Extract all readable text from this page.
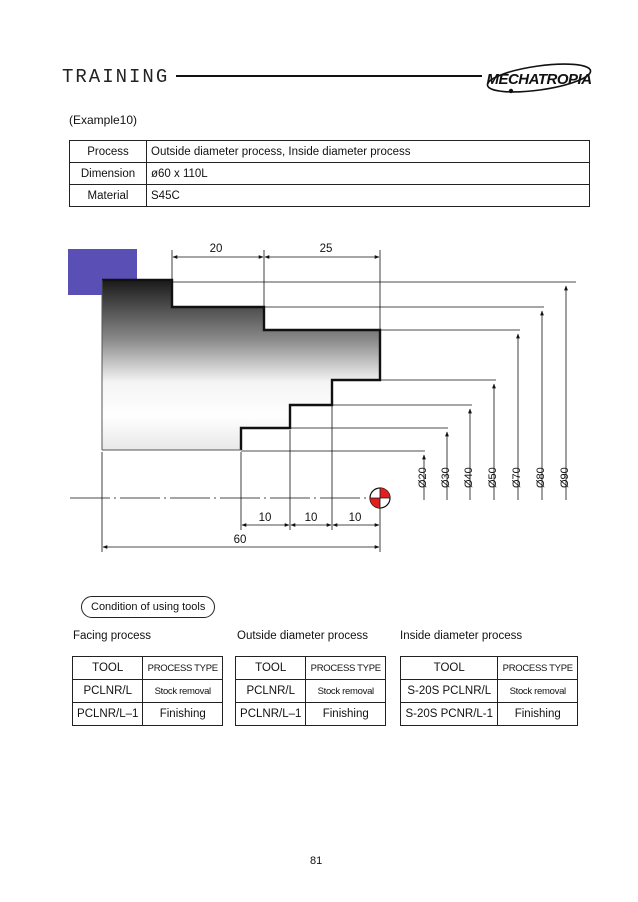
TRAINING	MECHATROPIA
(Example10)
Process	Outside diameter process, Inside diameter process
Dimension	ø60 x 110L
Material	S45C
Ø20 Ø30 Ø40 Ø50 Ø70 Ø80 Ø90
20	25
10	10	10
60
Condition of using tools
Facing process	Outside diameter process	Inside diameter process
TOOL	PROCESS TYPE
PCLNR/L	Stock removal
PCLNR/L–1	Finishing
TOOL	PROCESS TYPE
PCLNR/L	Stock removal
PCLNR/L–1	Finishing
TOOL	PROCESS TYPE
S-20S PCLNR/L	Stock removal
S-20S PCNR/L-1	Finishing
81
